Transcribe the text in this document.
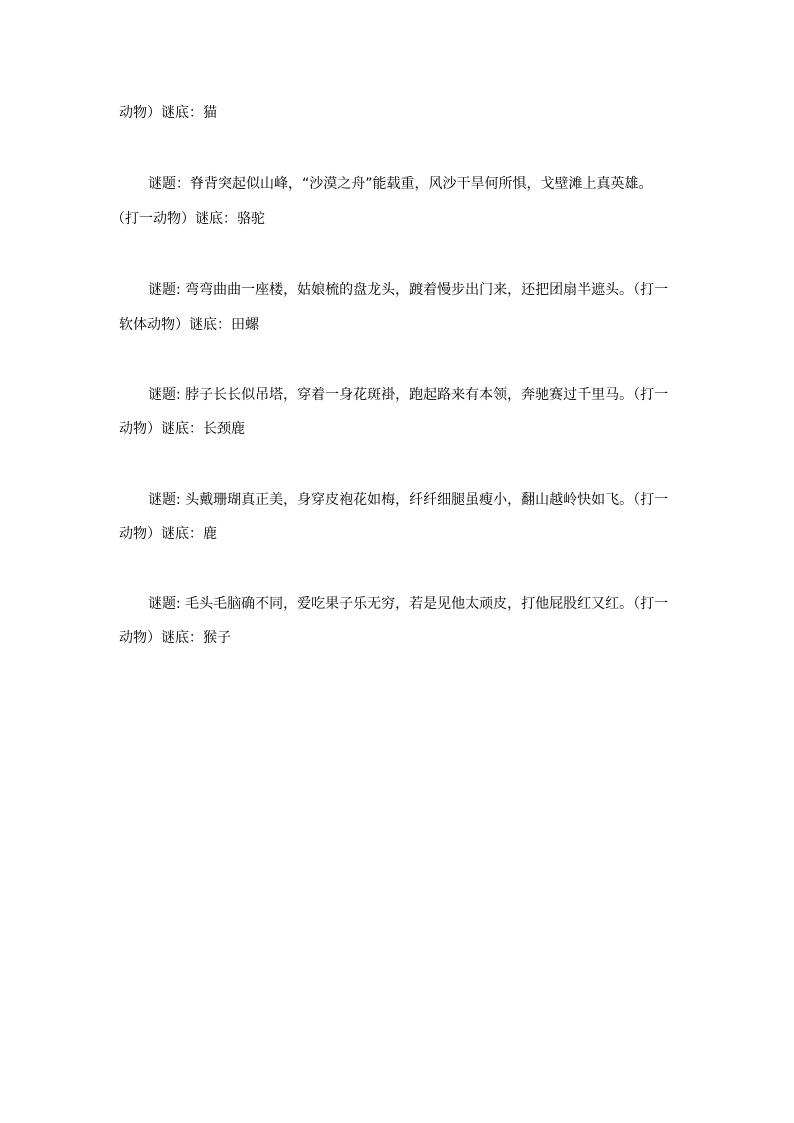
动物）谜底：猫
谜题：脊背突起似山峰，“沙漠之舟”能载重，风沙干旱何所惧，戈壁滩上真英雄。
（打一动物）谜底：骆驼
谜题: 弯弯曲曲一座楼，姑娘梳的盘龙头，踱着慢步出门来，还把团扇半遮头。（打一
软体动物）谜底：田螺
谜题: 脖子长长似吊塔，穿着一身花斑褂，跑起路来有本领，奔驰赛过千里马。（打一
动物）谜底：长颈鹿
谜题: 头戴珊瑚真正美，身穿皮袍花如梅，纤纤细腿虽瘦小，翻山越岭快如飞。（打一
动物）谜底：鹿
谜题: 毛头毛脑确不同，爱吃果子乐无穷，若是见他太顽皮，打他屁股红又红。（打一
动物）谜底：猴子
